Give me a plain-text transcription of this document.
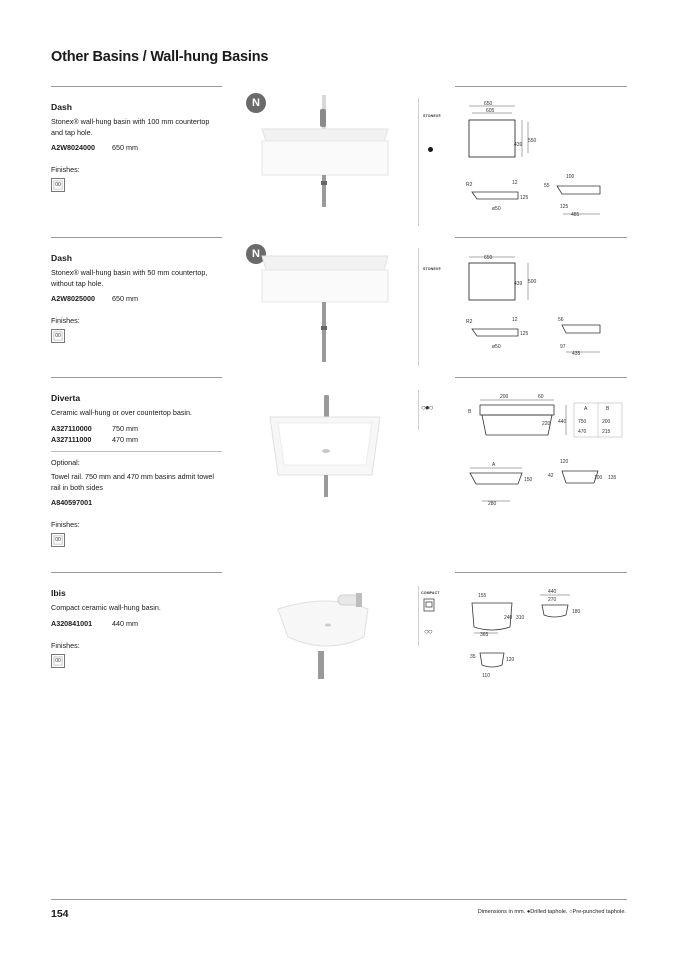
Other Basins / Wall-hung Basins
Dash
Stonex® wall-hung basin with 100 mm countertop and tap hole.
A2W8024000 650 mm
Finishes:
00
N
STONEX®
650
605
439
550
R2	12
125
ø50
100
55
125
485
Dash
Stonex® wall-hung basin with 50 mm countertop, without tap hole.
A2W8025000 650 mm
Finishes:
00
N
STONEX®
650
439 500
R2	12
125
ø50
56
97
435
Diverta
Ceramic wall-hung or over countertop basin.
A327110000	750 mm
A327111000	470 mm
Optional:
Towel rail. 750 mm and 470 mm basins admit towel rail in both sides
A840597001
Finishes:
00
○●○
200	60
B
220 440
A	B
750	200
470	215
A
150
280
120
42	100 135
Ibis
Compact ceramic wall-hung basin.
A320841001	440 mm
Finishes:
00
COMPACT
○○
155
240 310
365
440
270
180
35	120
110
154	Dimensions in mm. ●Drilled taphole. ○Pre-punched taphole.
